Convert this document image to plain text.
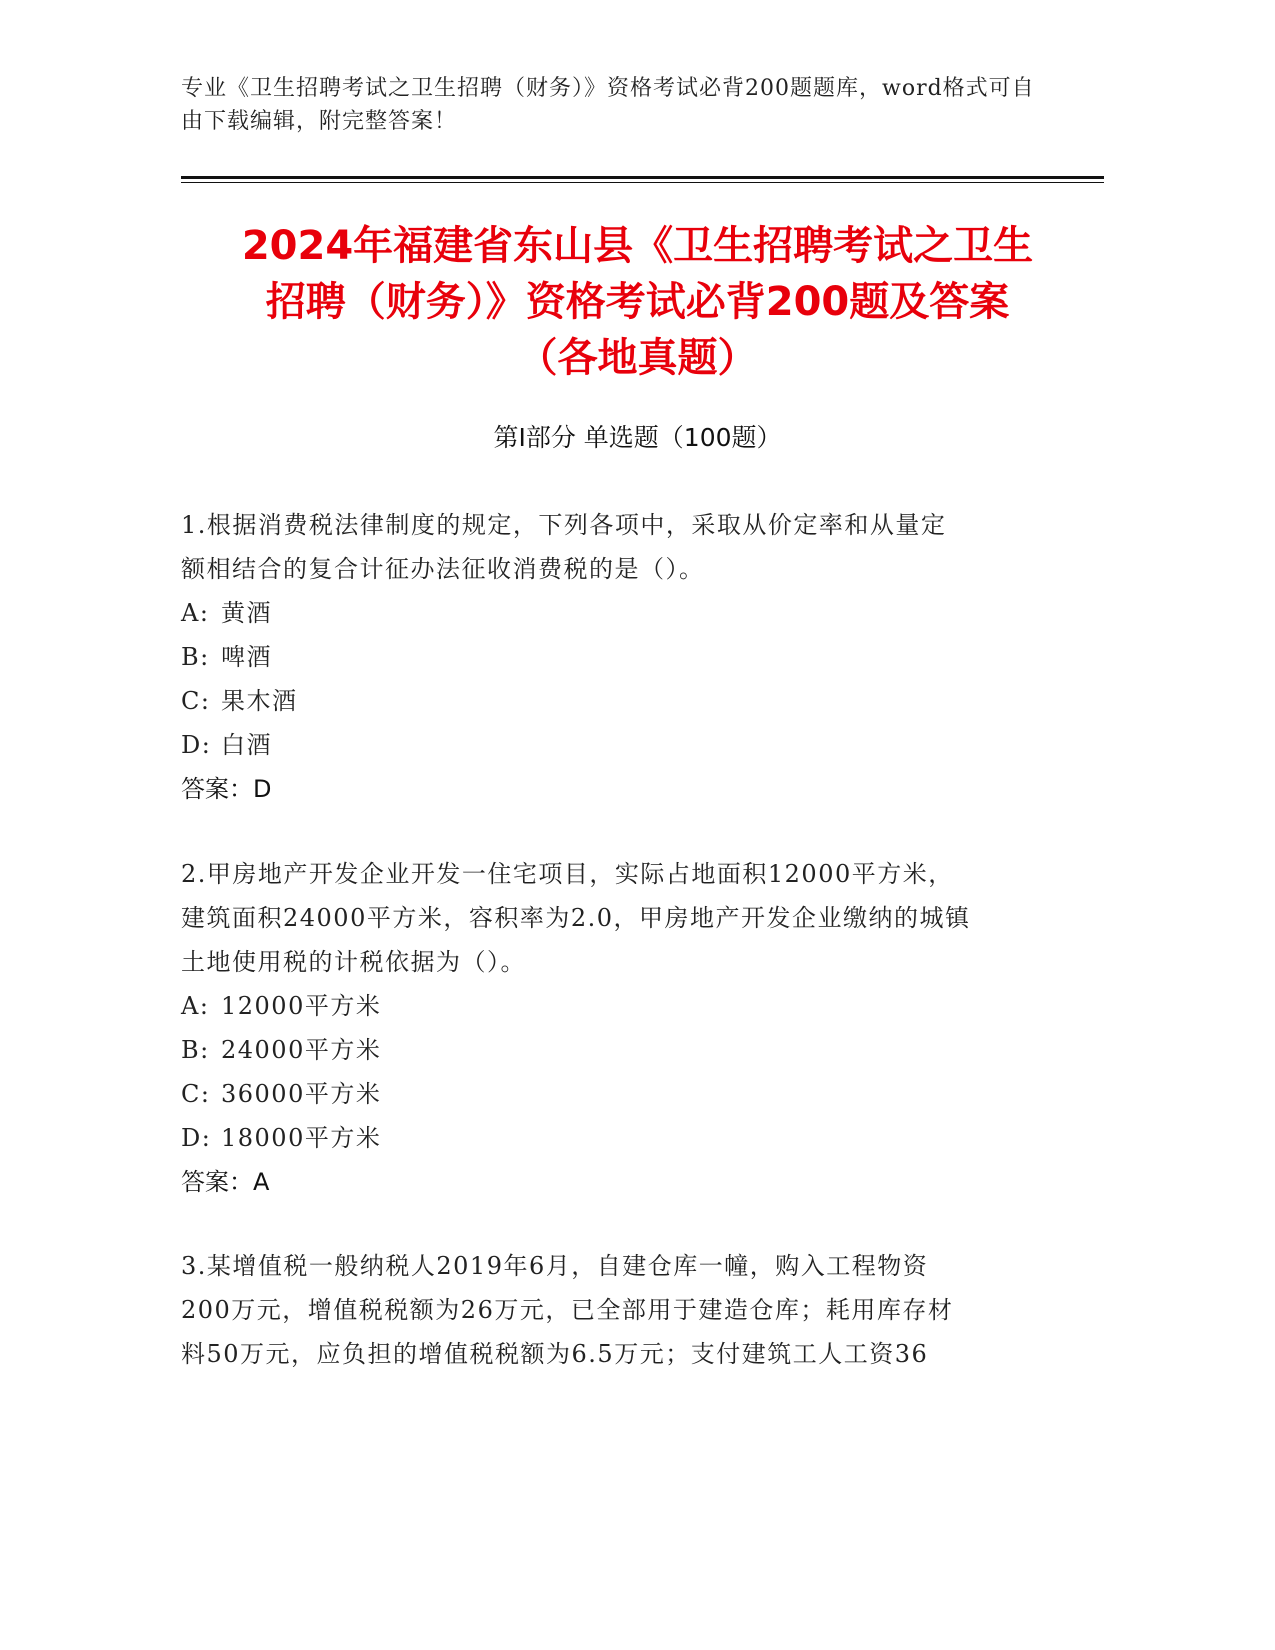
专业《卫生招聘考试之卫生招聘（财务）》资格考试必背200题题库，word格式可自由下载编辑，附完整答案！
2024年福建省东山县《卫生招聘考试之卫生
招聘（财务）》资格考试必背200题及答案
（各地真题）
第I部分 单选题（100题）
1.根据消费税法律制度的规定，下列各项中，采取从价定率和从量定
额相结合的复合计征办法征收消费税的是（）。
A: 黄酒
B: 啤酒
C: 果木酒
D: 白酒
答案：D
2.甲房地产开发企业开发一住宅项目，实际占地面积12000平方米，
建筑面积24000平方米，容积率为2.0，甲房地产开发企业缴纳的城镇
土地使用税的计税依据为（）。
A: 12000平方米
B: 24000平方米
C: 36000平方米
D: 18000平方米
答案：A
3.某增值税一般纳税人2019年6月，自建仓库一幢，购入工程物资
200万元，增值税税额为26万元，已全部用于建造仓库；耗用库存材
料50万元，应负担的增值税税额为6.5万元；支付建筑工人工资36
